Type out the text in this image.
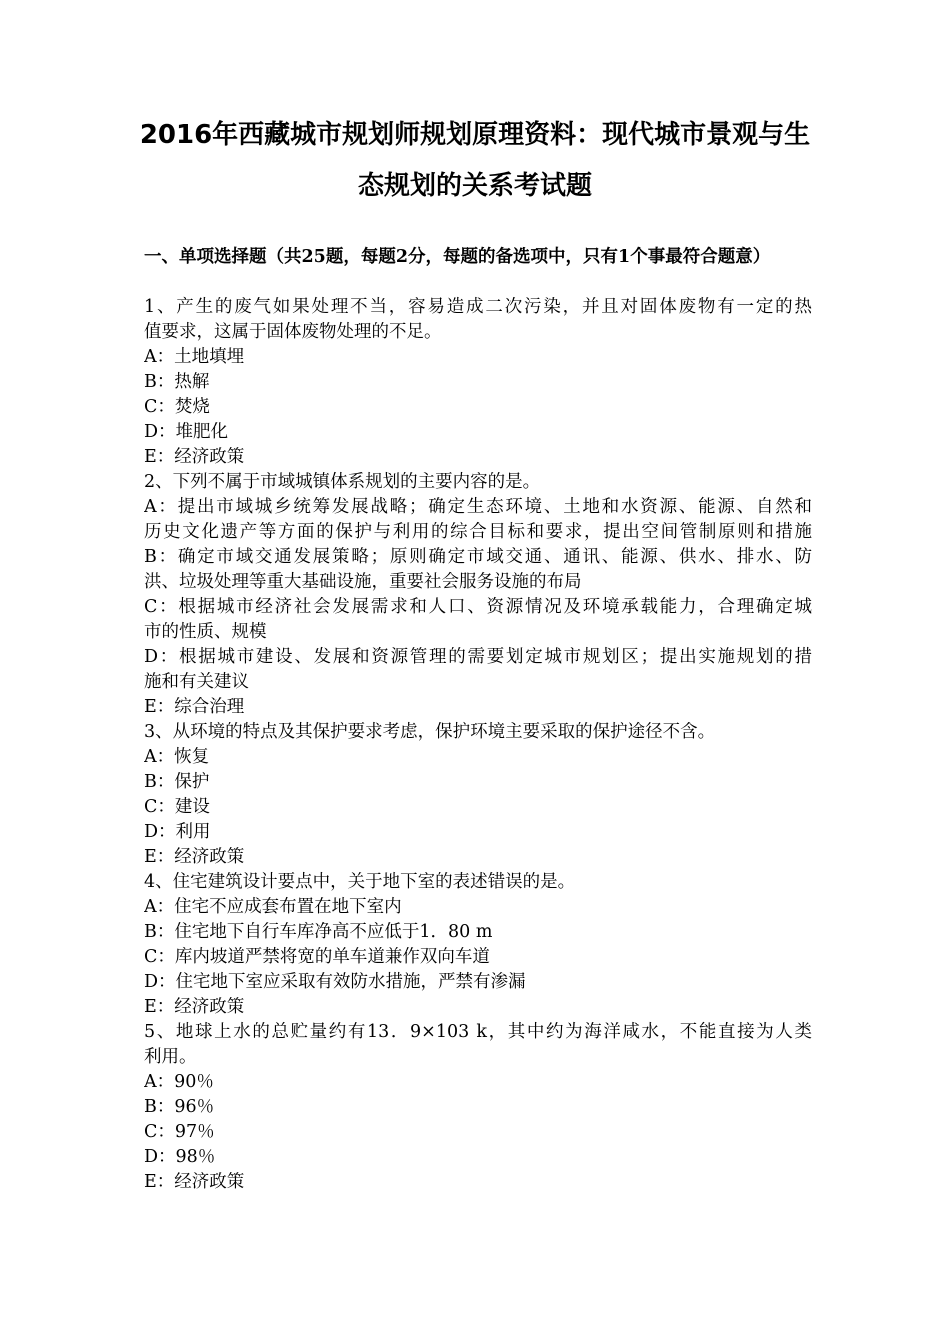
2016年西藏城市规划师规划原理资料：现代城市景观与生
态规划的关系考试题
一、单项选择题（共25题，每题2分，每题的备选项中，只有1个事最符合题意）
1、产生的废气如果处理不当，容易造成二次污染，并且对固体废物有一定的热
值要求，这属于固体废物处理的不足。
A：土地填埋
B：热解
C：焚烧
D：堆肥化
E：经济政策
2、下列不属于市域城镇体系规划的主要内容的是。
A：提出市域城乡统筹发展战略；确定生态环境、土地和水资源、能源、自然和
历史文化遗产等方面的保护与利用的综合目标和要求，提出空间管制原则和措施
B：确定市域交通发展策略；原则确定市域交通、通讯、能源、供水、排水、防
洪、垃圾处理等重大基础设施，重要社会服务设施的布局
C：根据城市经济社会发展需求和人口、资源情况及环境承载能力，合理确定城
市的性质、规模
D：根据城市建设、发展和资源管理的需要划定城市规划区；提出实施规划的措
施和有关建议
E：综合治理
3、从环境的特点及其保护要求考虑，保护环境主要采取的保护途径不含。
A：恢复
B：保护
C：建设
D：利用
E：经济政策
4、住宅建筑设计要点中，关于地下室的表述错误的是。
A：住宅不应成套布置在地下室内
B：住宅地下自行车库净高不应低于1．80 m
C：库内坡道严禁将宽的单车道兼作双向车道
D：住宅地下室应采取有效防水措施，严禁有渗漏
E：经济政策
5、地球上水的总贮量约有13．9×103 k，其中约为海洋咸水，不能直接为人类
利用。
A：90％
B：96％
C：97％
D：98％
E：经济政策
